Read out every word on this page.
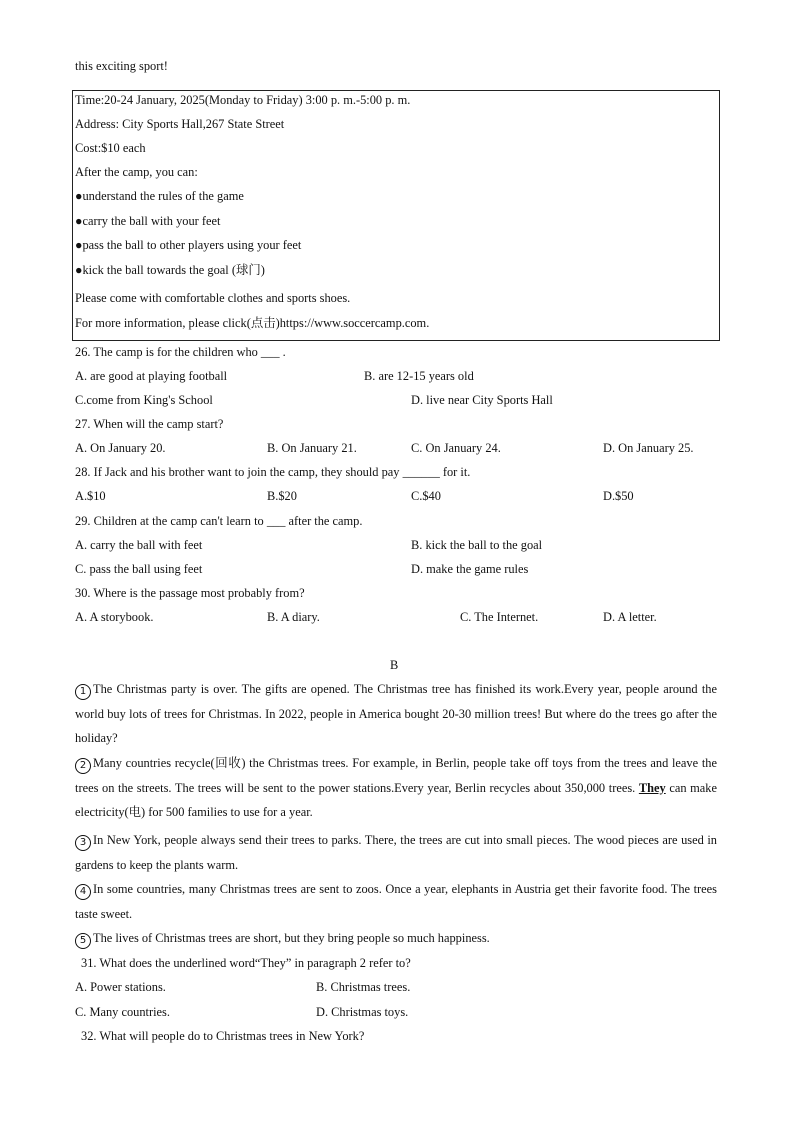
this exciting sport!
Time:20-24 January, 2025(Monday to Friday) 3:00 p. m.-5:00 p. m.
Address: City Sports Hall,267 State Street
Cost:$10 each
After the camp, you can:
●understand the rules of the game
●carry the ball with your feet
●pass the ball to other players using your feet
●kick the ball towards the goal (球门)
Please come with comfortable clothes and sports shoes.
For more information, please click(点击)https://www.soccercamp.com.
26. The camp is for the children who ___ .
A. are good at playing football	B. are 12-15 years old
C.come from King's School	D. live near City Sports Hall
27. When will the camp start?
A. On January 20.	B. On January 21.	C. On January 24.	D. On January 25.
28. If Jack and his brother want to join the camp, they should pay ______ for it.
A.$10	B.$20	C.$40	D.$50
29. Children at the camp can't learn to ___ after the camp.
A. carry the ball with feet	B. kick the ball to the goal
C. pass the ball using feet	D. make the game rules
30. Where is the passage most probably from?
A. A storybook.	B. A diary.	C. The Internet.	D. A letter.
B
1 The Christmas party is over. The gifts are opened. The Christmas tree has finished its work.Every year, people around the world buy lots of trees for Christmas. In 2022, people in America bought 20-30 million trees! But where do the trees go after the holiday?
2 Many countries recycle(回收) the Christmas trees. For example, in Berlin, people take off toys from the trees and leave the trees on the streets. The trees will be sent to the power stations.Every year, Berlin recycles about 350,000 trees. They can make electricity(电) for 500 families to use for a year.
3 In New York, people always send their trees to parks. There, the trees are cut into small pieces. The wood pieces are used in gardens to keep the plants warm.
4 In some countries, many Christmas trees are sent to zoos. Once a year, elephants in Austria get their favorite food. The trees taste sweet.
5 The lives of Christmas trees are short, but they bring people so much happiness.
31. What does the underlined word“They” in paragraph 2 refer to?
A. Power stations.	B. Christmas trees.
C. Many countries.	D. Christmas toys.
32. What will people do to Christmas trees in New York?
